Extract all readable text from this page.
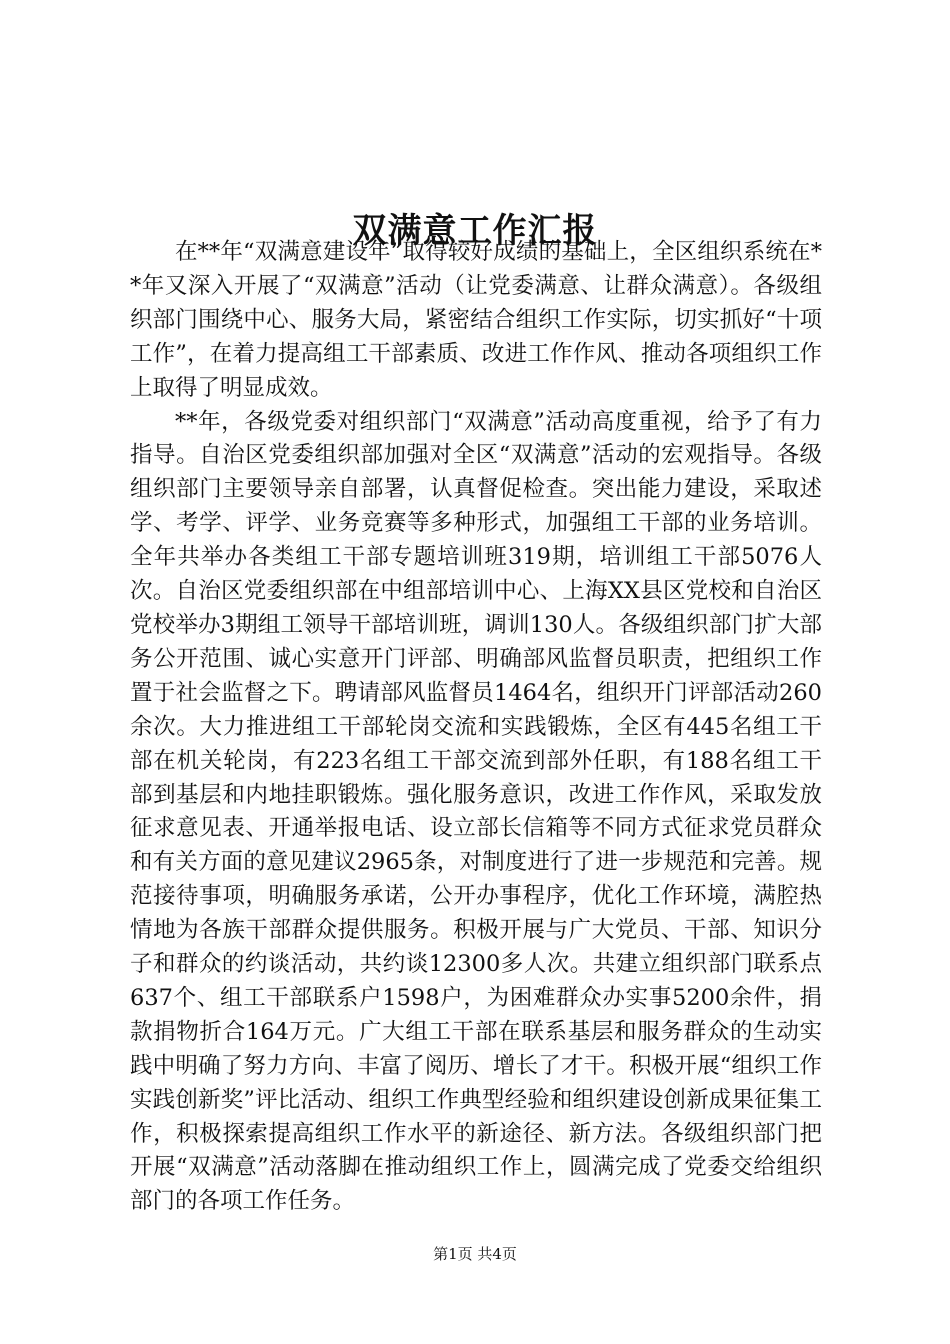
双满意工作汇报

在**年“双满意建设年”取得较好成绩的基础上，全区组织系统在**年又深入开展了“双满意”活动（让党委满意、让群众满意）。各级组织部门围绕中心、服务大局，紧密结合组织工作实际，切实抓好“十项工作”，在着力提高组工干部素质、改进工作作风、推动各项组织工作上取得了明显成效。

**年，各级党委对组织部门“双满意”活动高度重视，给予了有力指导。自治区党委组织部加强对全区“双满意”活动的宏观指导。各级组织部门主要领导亲自部署，认真督促检查。突出能力建设，采取述学、考学、评学、业务竞赛等多种形式，加强组工干部的业务培训。全年共举办各类组工干部专题培训班319期，培训组工干部5076人次。自治区党委组织部在中组部培训中心、上海XX县区党校和自治区党校举办3期组工领导干部培训班，调训130人。各级组织部门扩大部务公开范围、诚心实意开门评部、明确部风监督员职责，把组织工作置于社会监督之下。聘请部风监督员1464名，组织开门评部活动260余次。大力推进组工干部轮岗交流和实践锻炼，全区有445名组工干部在机关轮岗，有223名组工干部交流到部外任职，有188名组工干部到基层和内地挂职锻炼。强化服务意识，改进工作作风，采取发放征求意见表、开通举报电话、设立部长信箱等不同方式征求党员群众和有关方面的意见建议2965条，对制度进行了进一步规范和完善。规范接待事项，明确服务承诺，公开办事程序，优化工作环境，满腔热情地为各族干部群众提供服务。积极开展与广大党员、干部、知识分子和群众的约谈活动，共约谈12300多人次。共建立组织部门联系点637个、组工干部联系户1598户，为困难群众办实事5200余件，捐款捐物折合164万元。广大组工干部在联系基层和服务群众的生动实践中明确了努力方向、丰富了阅历、增长了才干。积极开展“组织工作实践创新奖”评比活动、组织工作典型经验和组织建设创新成果征集工作，积极探索提高组织工作水平的新途径、新方法。各级组织部门把开展“双满意”活动落脚在推动组织工作上，圆满完成了党委交给组织部门的各项工作任务。

第1页 共4页
